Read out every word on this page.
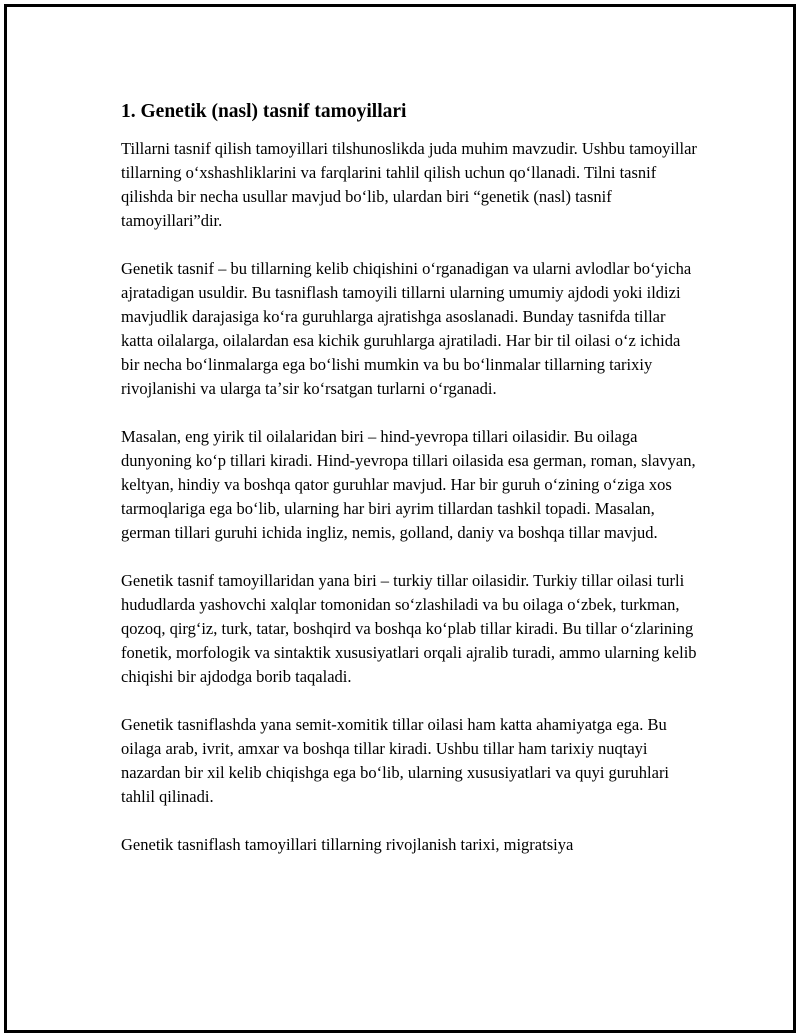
1. Genetik (nasl) tasnif tamoyillari

Tillarni tasnif qilish tamoyillari tilshunoslikda juda muhim mavzudir. Ushbu tamoyillar tillarning oʻxshashliklarini va farqlarini tahlil qilish uchun qoʻllanadi. Tilni tasnif qilishda bir necha usullar mavjud boʻlib, ulardan biri “genetik (nasl) tasnif tamoyillari”dir.

Genetik tasnif – bu tillarning kelib chiqishini oʻrganadigan va ularni avlodlar boʻyicha ajratadigan usuldir. Bu tasniflash tamoyili tillarni ularning umumiy ajdodi yoki ildizi mavjudlik darajasiga koʻra guruhlarga ajratishga asoslanadi. Bunday tasnifda tillar katta oilalarga, oilalardan esa kichik guruhlarga ajratiladi. Har bir til oilasi oʻz ichida bir necha boʻlinmalarga ega boʻlishi mumkin va bu boʻlinmalar tillarning tarixiy rivojlanishi va ularga taʼsir koʻrsatgan turlarni oʻrganadi.

Masalan, eng yirik til oilalaridan biri – hind-yevropa tillari oilasidir. Bu oilaga dunyoning koʻp tillari kiradi. Hind-yevropa tillari oilasida esa german, roman, slavyan, keltyan, hindiy va boshqa qator guruhlar mavjud. Har bir guruh oʻzining oʻziga xos tarmoqlariga ega boʻlib, ularning har biri ayrim tillardan tashkil topadi. Masalan, german tillari guruhi ichida ingliz, nemis, golland, daniy va boshqa tillar mavjud.

Genetik tasnif tamoyillaridan yana biri – turkiy tillar oilasidir. Turkiy tillar oilasi turli hududlarda yashovchi xalqlar tomonidan soʻzlashiladi va bu oilaga oʻzbek, turkman, qozoq, qirgʻiz, turk, tatar, boshqird va boshqa koʻplab tillar kiradi. Bu tillar oʻzlarining fonetik, morfologik va sintaktik xususiyatlari orqali ajralib turadi, ammo ularning kelib chiqishi bir ajdodga borib taqaladi.

Genetik tasniflashda yana semit-xomitik tillar oilasi ham katta ahamiyatga ega. Bu oilaga arab, ivrit, amxar va boshqa tillar kiradi. Ushbu tillar ham tarixiy nuqtayi nazardan bir xil kelib chiqishga ega boʻlib, ularning xususiyatlari va quyi guruhlari tahlil qilinadi.

Genetik tasniflash tamoyillari tillarning rivojlanish tarixi, migratsiya
